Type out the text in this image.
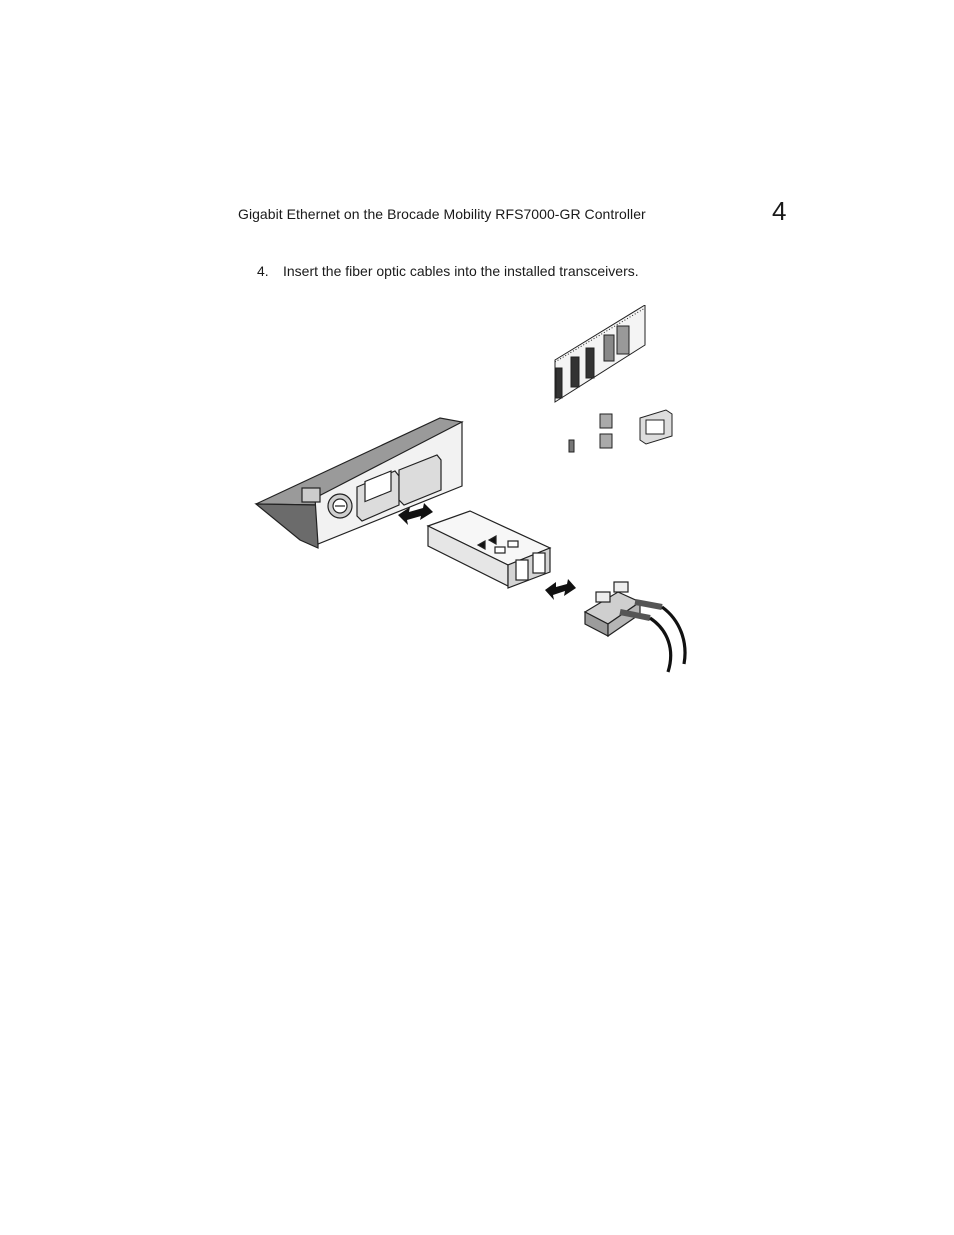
Gigabit Ethernet on the Brocade Mobility RFS7000-GR Controller	4
4. Insert the fiber optic cables into the installed transceivers.
